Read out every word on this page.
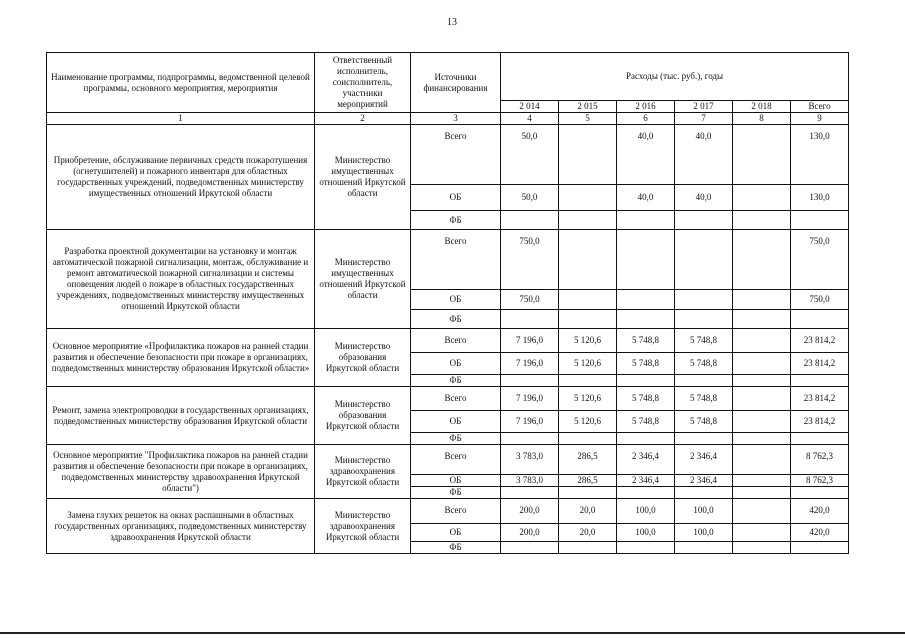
13
Наименование программы, подпрограммы, ведомственной целевой программы, основного мероприятия, мероприятия	Ответственный исполнитель, соисполнитель, участники мероприятий	Источники финансирования	Расходы (тыс. руб.), годы					
			2 014	2 015	2 016	2 017	2 018	Всего
1	2	3	4	5	6	7	8	9
Приобретение, обслуживание первичных средств пожаротушения (огнетушителей) и пожарного инвентаря для областных государственных учреждений, подведомственных министерству имущественных отношений Иркутской области	Министерство имущественных отношений Иркутской области	Всего	50,0		40,0	40,0		130,0
		ОБ	50,0		40,0	40,0		130,0
		ФБ						
Разработка проектной документации на установку и монтаж автоматической пожарной сигнализации, монтаж, обслуживание и ремонт автоматической пожарной сигнализации и системы оповещения людей о пожаре в областных государственных учреждениях, подведомственных министерству имущественных отношений Иркутской области	Министерство имущественных отношений Иркутской области	Всего	750,0					750,0
		ОБ	750,0					750,0
		ФБ						
Основное мероприятие «Профилактика пожаров на ранней стадии развития и обеспечение безопасности при пожаре в организациях, подведомственных министерству образования Иркутской области»	Министерство образования Иркутской области	Всего	7 196,0	5 120,6	5 748,8	5 748,8		23 814,2
		ОБ	7 196,0	5 120,6	5 748,8	5 748,8		23 814,2
		ФБ						
Ремонт, замена электропроводки в государственных организациях, подведомственных министерству образования Иркутской области	Министерство образования Иркутской области	Всего	7 196,0	5 120,6	5 748,8	5 748,8		23 814,2
		ОБ	7 196,0	5 120,6	5 748,8	5 748,8		23 814,2
		ФБ						
Основное мероприятие "Профилактика пожаров на ранней стадии развития и обеспечение безопасности при пожаре в организациях, подведомственных министерству здравоохранения Иркутской области")	Министерство здравоохранения Иркутской области	Всего	3 783,0	286,5	2 346,4	2 346,4		8 762,3
		ОБ	3 783,0	286,5	2 346,4	2 346,4		8 762,3
		ФБ						
Замена глухих решеток на окнах распашными в областных государственных организациях, подведомственных министерству здравоохранения Иркутской области	Министерство здравоохранения Иркутской области	Всего	200,0	20,0	100,0	100,0		420,0
		ОБ	200,0	20,0	100,0	100,0		420,0
		ФБ						
